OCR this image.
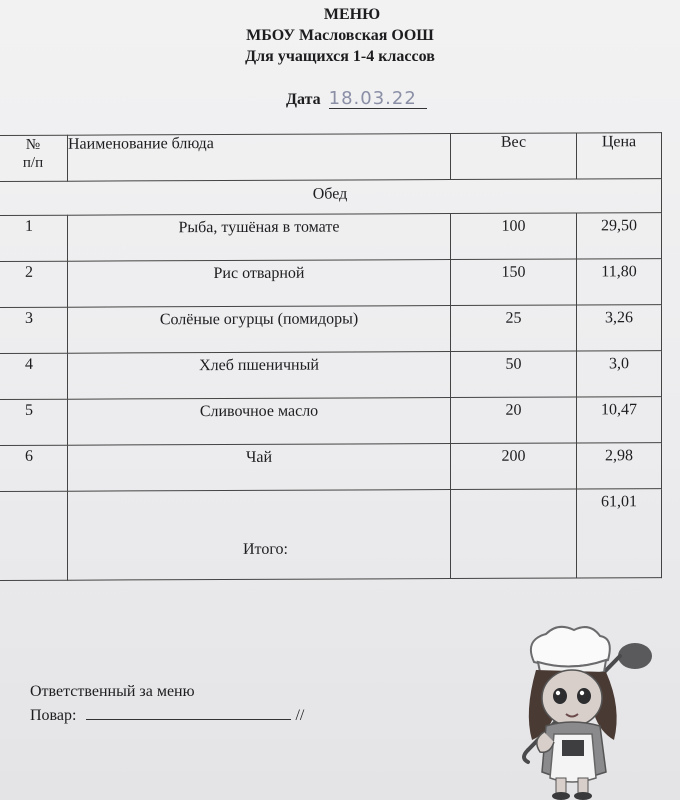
МЕНЮ
МБОУ Масловская ООШ
Для учащихся 1-4 классов
Дата 18.03.22
№
п/п	Наименование блюда	Вес	Цена
Обед			
1	Рыба, тушёная в томате	100	29,50
2	Рис отварной	150	11,80
3	Солёные огурцы (помидоры)	25	3,26
4	Хлеб пшеничный	50	3,0
5	Сливочное масло	20	10,47
6	Чай	200	2,98

	Итого:		61,01
Ответственный за меню
Повар:	//
